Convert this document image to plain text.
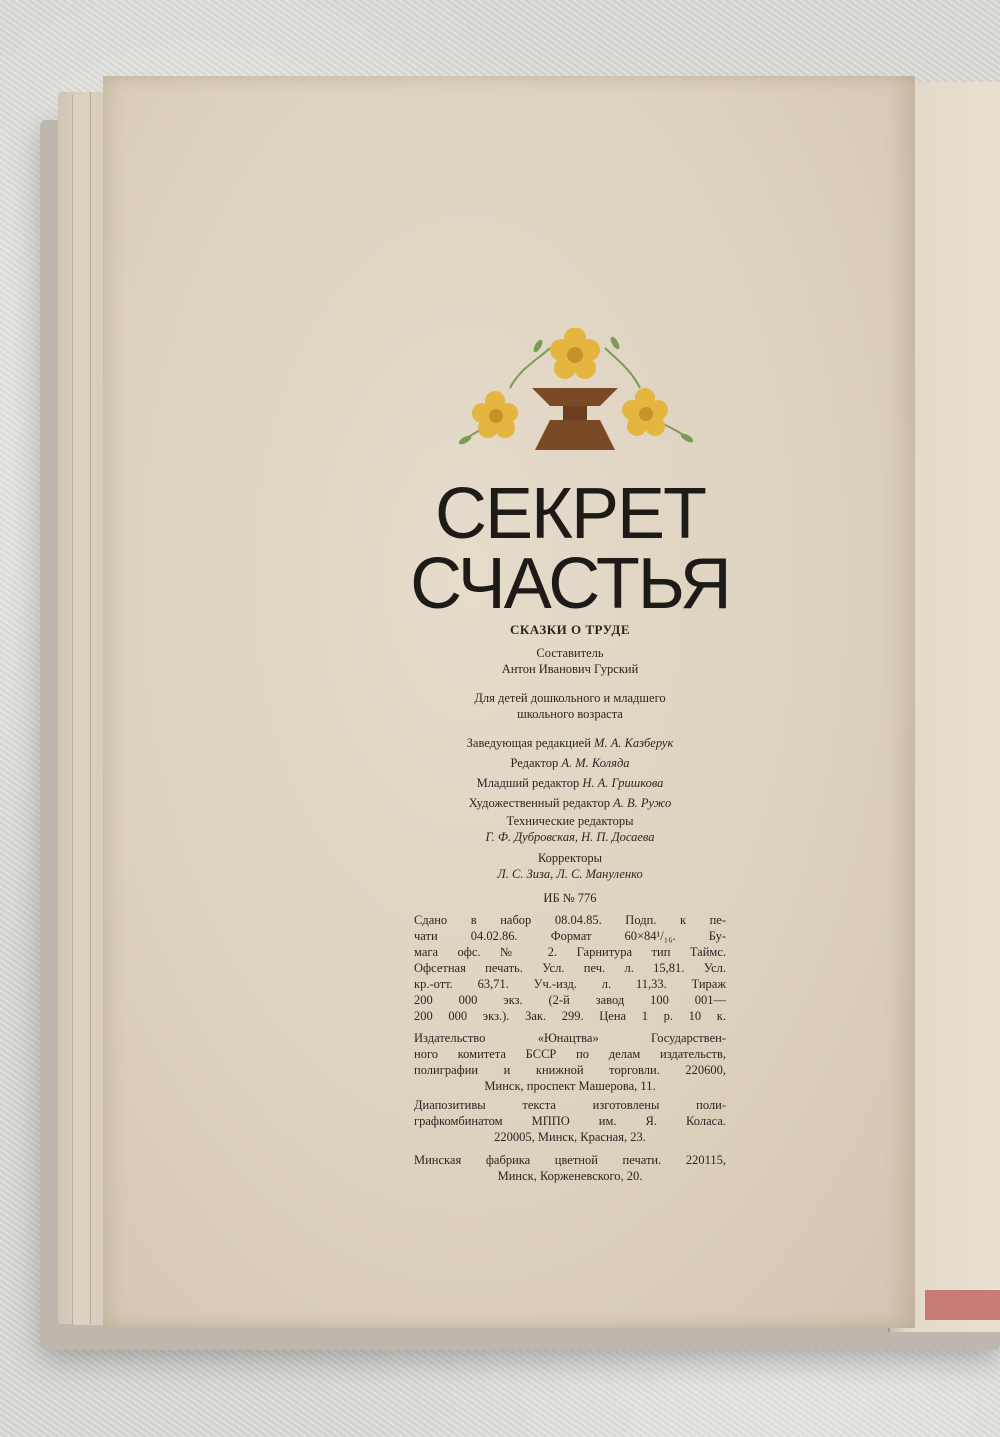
СЕКРЕТ
СЧАСТЬЯ
СКАЗКИ О ТРУДЕ
Составитель
Антон Иванович Гурский
Для детей дошкольного и младшего
школьного возраста
Заведующая редакцией М. А. Казберук
Редактор А. М. Коляда
Младший редактор Н. А. Гришкова
Художественный редактор А. В. Ружо
Технические редакторы
Г. Ф. Дубровская, Н. П. Досаева
Корректоры
Л. С. Зиза, Л. С. Мануленко
ИБ № 776
Сдано в набор 08.04.85. Подп. к пе-
чати 04.02.86. Формат 60×84¹/₁₆. Бу-
мага офс. № 2. Гарнитура тип Таймс.
Офсетная печать. Усл. печ. л. 15,81. Усл.
кр.-отт. 63,71. Уч.-изд. л. 11,33. Тираж
200 000 экз. (2-й завод 100 001—
200 000 экз.). Зак. 299. Цена 1 р. 10 к.
Издательство «Юнацтва» Государствен-
ного комитета БССР по делам издательств,
полиграфии и книжной торговли. 220600,
Минск, проспект Машерова, 11.
Диапозитивы текста изготовлены поли-
графкомбинатом МППО им. Я. Коласа.
220005, Минск, Красная, 23.
Минская фабрика цветной печати. 220115,
Минск, Корженевского, 20.
